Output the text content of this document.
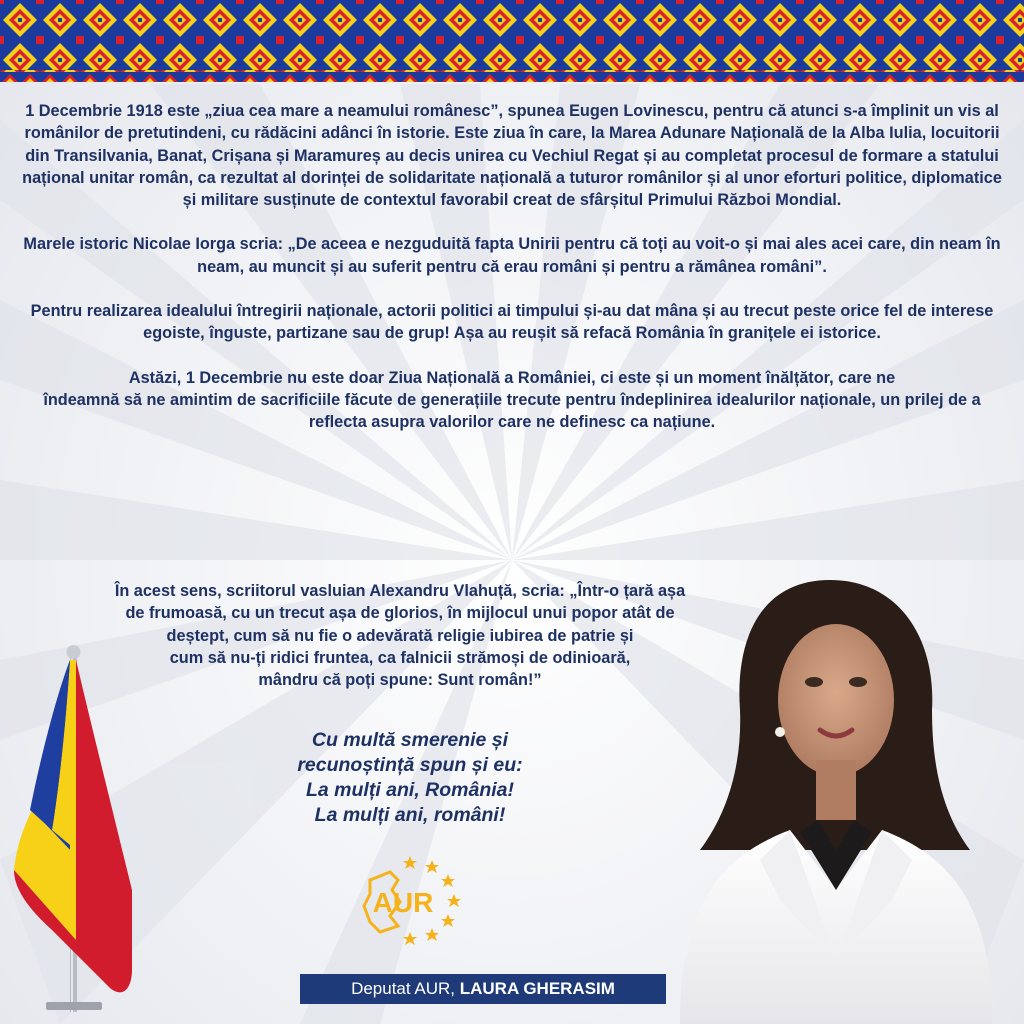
1 Decembrie 1918 este „ziua cea mare a neamului românesc”, spunea Eugen Lovinescu, pentru că atunci s-a împlinit un vis al românilor de pretutindeni, cu rădăcini adânci în istorie. Este ziua în care, la Marea Adunare Națională de la Alba Iulia, locuitorii din Transilvania, Banat, Crișana și Maramureș au decis unirea cu Vechiul Regat și au completat procesul de formare a statului național unitar român, ca rezultat al dorinței de solidaritate națională a tuturor românilor și al unor eforturi politice, diplomatice și militare susținute de contextul favorabil creat de sfârșitul Primului Război Mondial.

Marele istoric Nicolae Iorga scria: „De aceea e nezguduită fapta Unirii pentru că toți au voit-o și mai ales acei care, din neam în neam, au muncit și au suferit pentru că erau români și pentru a rămânea români”.

Pentru realizarea idealului întregirii naționale, actorii politici ai timpului și-au dat mâna și au trecut peste orice fel de interese egoiste, înguste, partizane sau de grup! Așa au reușit să refacă România în granițele ei istorice.

Astăzi, 1 Decembrie nu este doar Ziua Națională a României, ci este și un moment înălțător, care ne

îndeamnă să ne amintim de sacrificiile făcute de generațiile trecute pentru îndeplinirea idealurilor naționale, un prilej de a reflecta asupra valorilor care ne definesc ca națiune.

În acest sens, scriitorul vasluian Alexandru Vlahuță, scria: „Într-o țară așa
de frumoasă, cu un trecut așa de glorios, în mijlocul unui popor atât de
deștept, cum să nu fie o adevărată religie iubirea de patrie și
cum să nu-ți ridici fruntea, ca falnicii strămoși de odinioară,
mândru că poți spune: Sunt român!”
Cu multă smerenie și
recunoștință spun și eu:
La mulți ani, România!
La mulți ani, români!
AUR
Deputat AUR, LAURA GHERASIM
